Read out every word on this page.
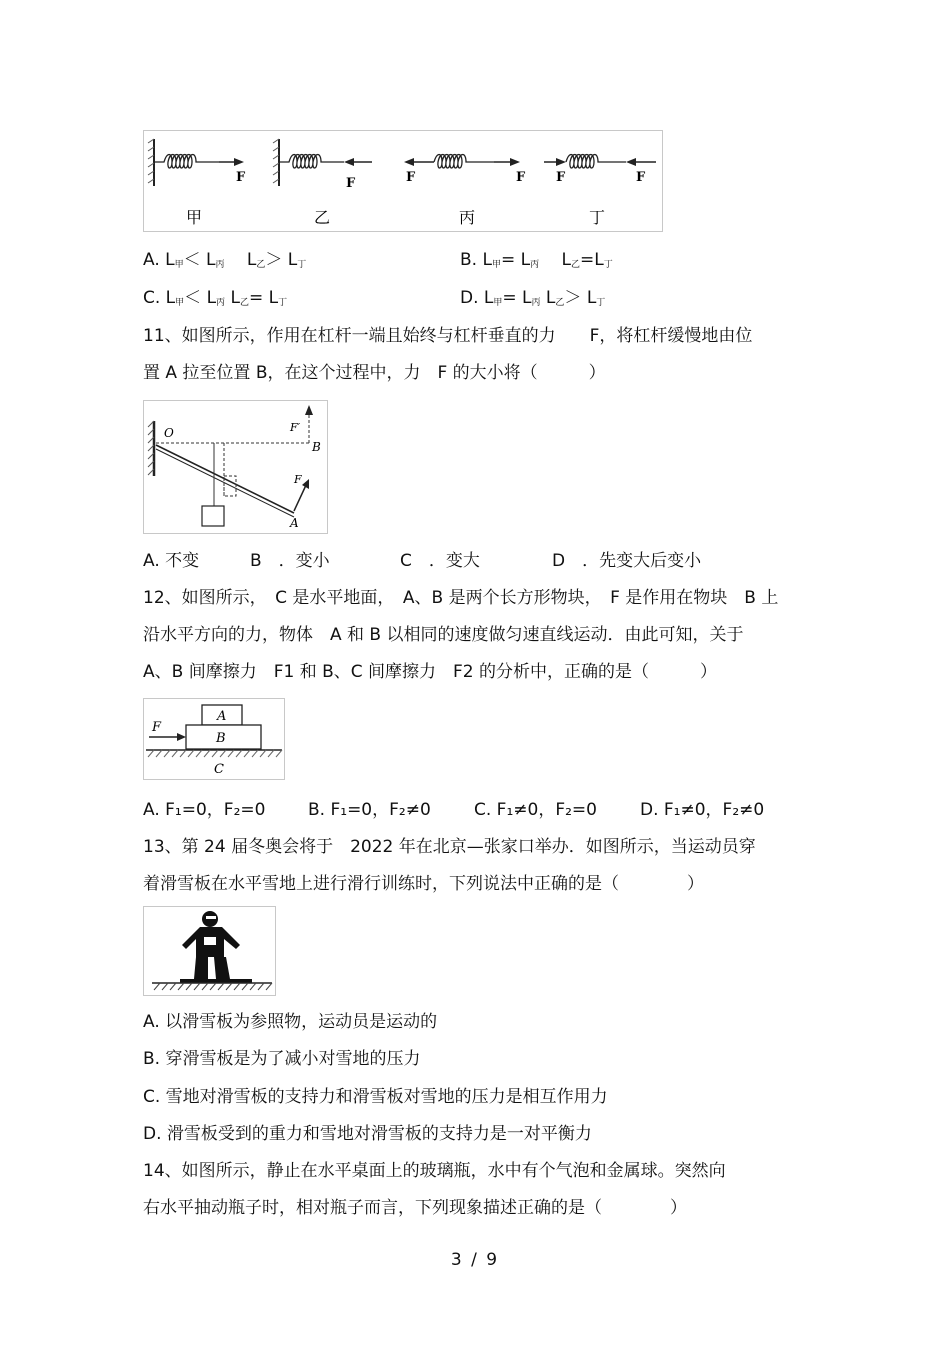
F	F	F	F F	F
甲	乙	丙	丁
A. $L_甲< L_丙$　 $L_乙> L_丁$	B. $L_甲= L_丙$　 $L_乙=L_丁$
C. $L_甲< L_丙$ $L_乙= L_丁$	D. $L_甲= L_丙$ $L_乙> L_丁$
11、如图所示，作用在杠杆一端且始终与杠杆垂直的力　　F，将杠杆缓慢地由位
置 A 拉至位置 B，在这个过程中，力　F 的大小将（　　　）
O	F′
B
F
A
A. 不变	B　．变小	C　．变大	D　．先变大后变小
12、如图所示，　C 是水平地面，　A、B 是两个长方形物块，　F 是作用在物块　B 上
沿水平方向的力，物体　A 和 B 以相同的速度做匀速直线运动．由此可知，关于
A、B 间摩擦力　F1 和 B、C 间摩擦力　F2 的分析中，正确的是（　　　）
A
B
F
C
A. F₁=0，F₂=0	B. F₁=0，F₂≠0	C. F₁≠0，F₂=0	D. F₁≠0，F₂≠0
13、第 24 届冬奥会将于　2022 年在北京—张家口举办．如图所示，当运动员穿
着滑雪板在水平雪地上进行滑行训练时，下列说法中正确的是（　　　　）
A. 以滑雪板为参照物，运动员是运动的
B. 穿滑雪板是为了减小对雪地的压力
C. 雪地对滑雪板的支持力和滑雪板对雪地的压力是相互作用力
D. 滑雪板受到的重力和雪地对滑雪板的支持力是一对平衡力
14、如图所示，静止在水平桌面上的玻璃瓶，水中有个气泡和金属球。突然向
右水平抽动瓶子时，相对瓶子而言，下列现象描述正确的是（　　　　）
3 / 9
